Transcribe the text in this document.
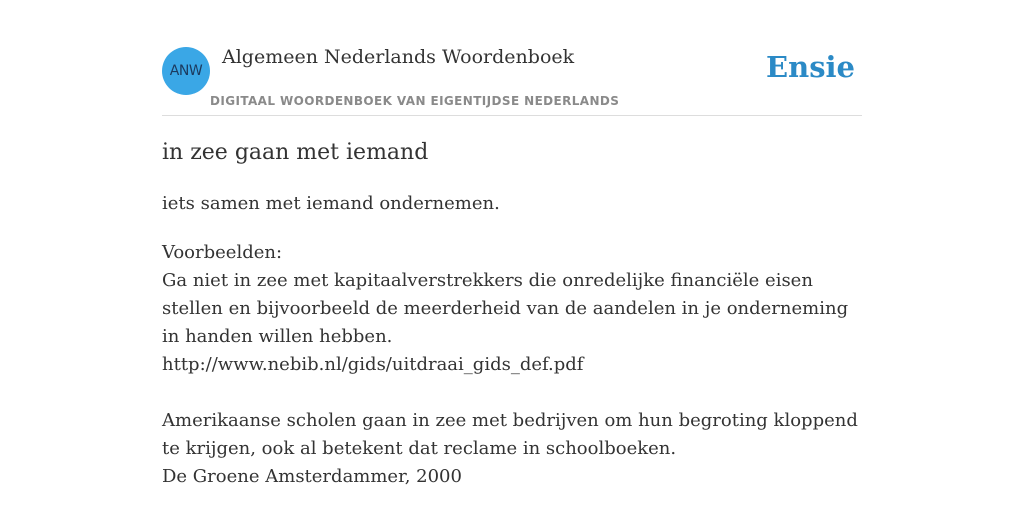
ANW
Algemeen Nederlands Woordenboek
DIGITAAL WOORDENBOEK VAN EIGENTIJDSE NEDERLANDS
Ensie
in zee gaan met iemand
iets samen met iemand ondernemen.
Voorbeelden:
Ga niet in zee met kapitaalverstrekkers die onredelijke financiële eisen stellen en bijvoorbeeld de meerderheid van de aandelen in je onderneming in handen willen hebben.
http://www.nebib.nl/gids/uitdraai_gids_def.pdf
Amerikaanse scholen gaan in zee met bedrijven om hun begroting kloppend te krijgen, ook al betekent dat reclame in schoolboeken.
De Groene Amsterdammer, 2000
